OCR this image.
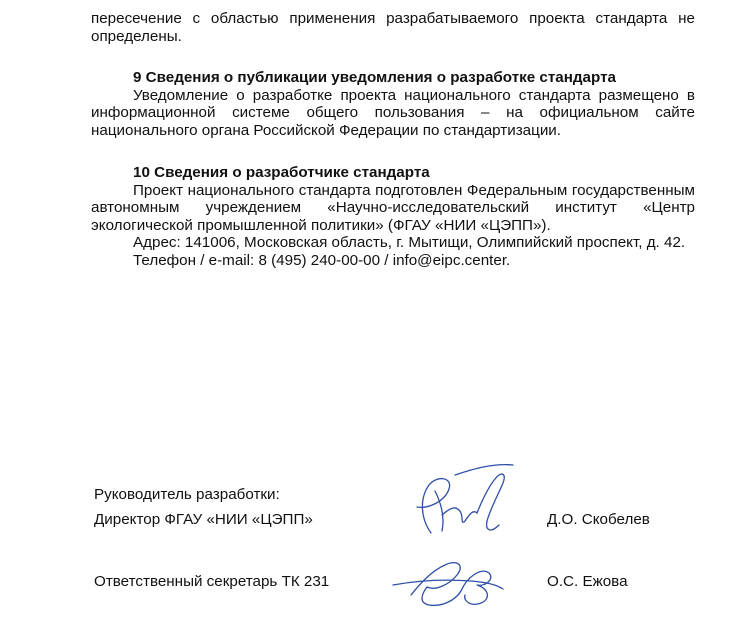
пересечение с областью применения разрабатываемого проекта стандарта не определены.

9 Сведения о публикации уведомления о разработке стандарта

Уведомление о разработке проекта национального стандарта размещено в информационной системе общего пользования – на официальном сайте национального органа Российской Федерации по стандартизации.

10 Сведения о разработчике стандарта

Проект национального стандарта подготовлен Федеральным государственным автономным учреждением «Научно-исследовательский институт «Центр экологической промышленной политики» (ФГАУ «НИИ «ЦЭПП»).

Адрес: 141006, Московская область, г. Мытищи, Олимпийский проспект, д. 42.

Телефон / e-mail: 8 (495) 240-00-00 / info@eipc.center.

Руководитель разработки:
Директор ФГАУ «НИИ «ЦЭПП»	Д.О. Скобелев
Ответственный секретарь ТК 231	О.С. Ежова
